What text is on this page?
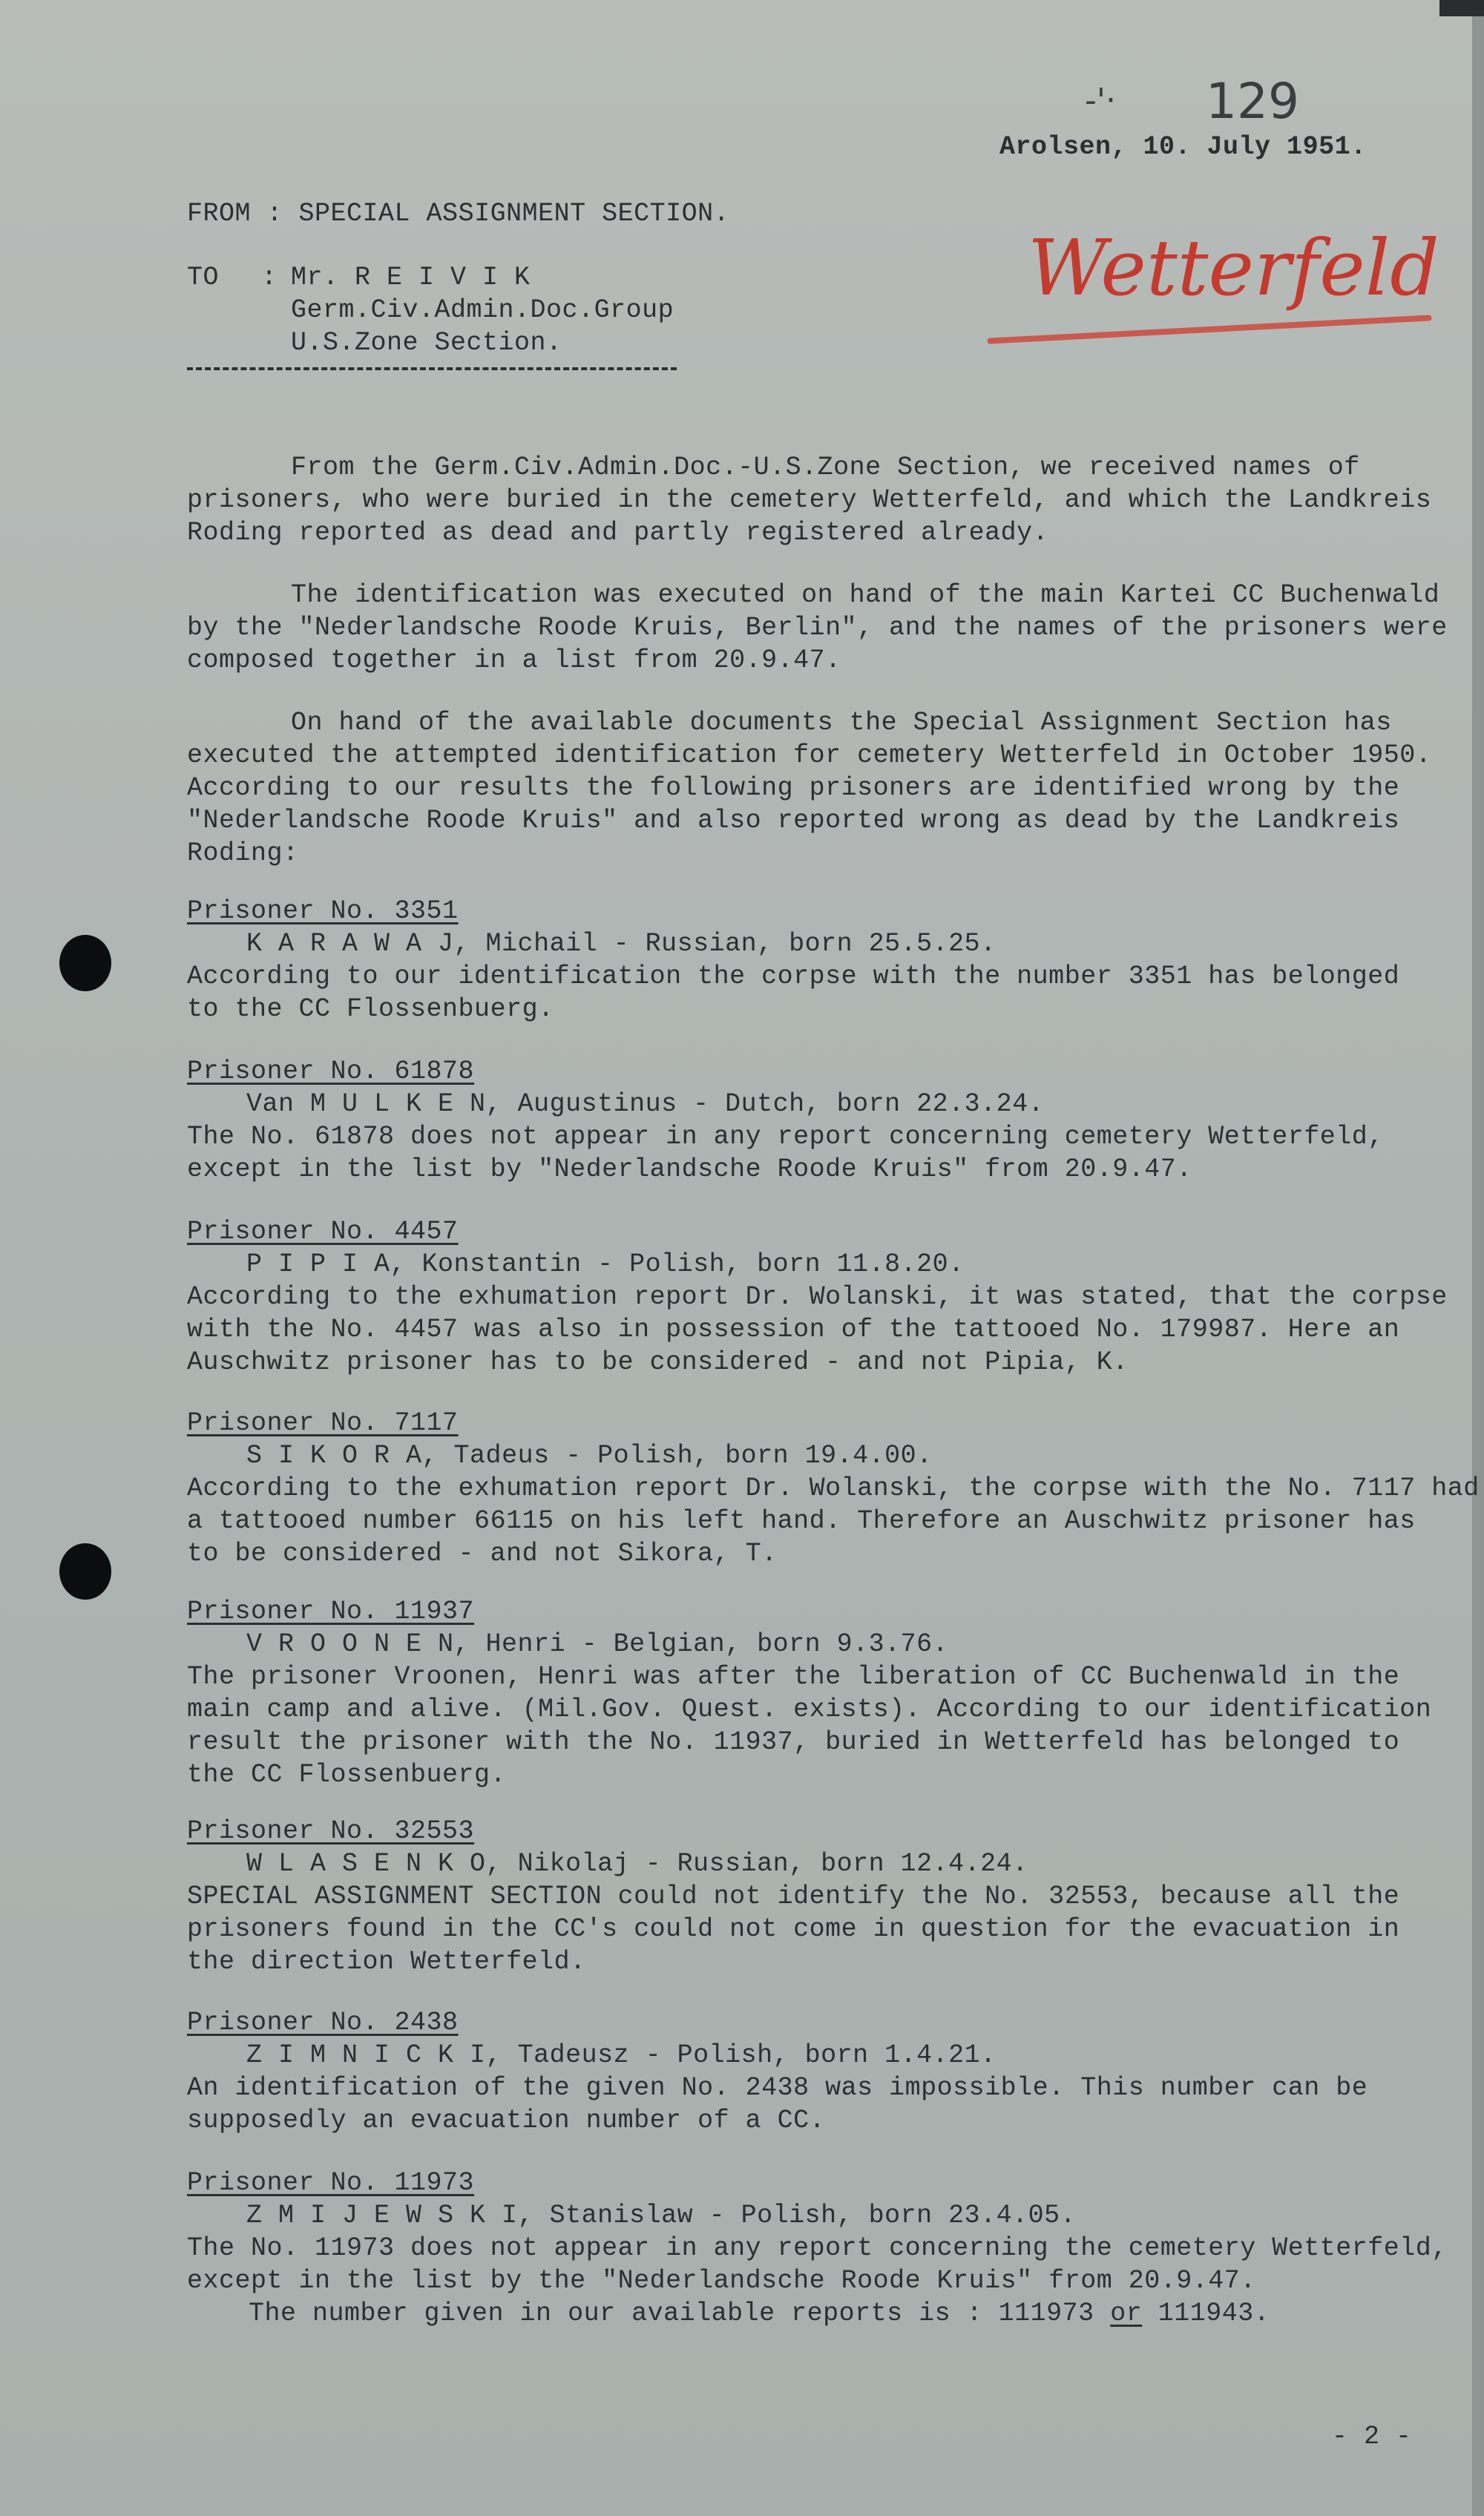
-'· 129
Arolsen, 10. July 1951.
Wetterfeld
FROM : SPECIAL ASSIGNMENT SECTION.
TO : Mr. R E I V I K
Germ.Civ.Admin.Doc.Group
U.S.Zone Section.
From the Germ.Civ.Admin.Doc.-U.S.Zone Section, we received names of
prisoners, who were buried in the cemetery Wetterfeld, and which the Landkreis
Roding reported as dead and partly registered already.
The identification was executed on hand of the main Kartei CC Buchenwald
by the "Nederlandsche Roode Kruis, Berlin", and the names of the prisoners were
composed together in a list from 20.9.47.
On hand of the available documents the Special Assignment Section has
executed the attempted identification for cemetery Wetterfeld in October 1950.
According to our results the following prisoners are identified wrong by the
"Nederlandsche Roode Kruis" and also reported wrong as dead by the Landkreis
Roding:
Prisoner No. 3351
K A R A W A J, Michail - Russian, born 25.5.25.
According to our identification the corpse with the number 3351 has belonged
to the CC Flossenbuerg.
Prisoner No. 61878
Van M U L K E N, Augustinus - Dutch, born 22.3.24.
The No. 61878 does not appear in any report concerning cemetery Wetterfeld,
except in the list by "Nederlandsche Roode Kruis" from 20.9.47.
Prisoner No. 4457
P I P I A, Konstantin - Polish, born 11.8.20.
According to the exhumation report Dr. Wolanski, it was stated, that the corpse
with the No. 4457 was also in possession of the tattooed No. 179987. Here an
Auschwitz prisoner has to be considered - and not Pipia, K.
Prisoner No. 7117
S I K O R A, Tadeus - Polish, born 19.4.00.
According to the exhumation report Dr. Wolanski, the corpse with the No. 7117 had
a tattooed number 66115 on his left hand. Therefore an Auschwitz prisoner has
to be considered - and not Sikora, T.
Prisoner No. 11937
V R O O N E N, Henri - Belgian, born 9.3.76.
The prisoner Vroonen, Henri was after the liberation of CC Buchenwald in the
main camp and alive. (Mil.Gov. Quest. exists). According to our identification
result the prisoner with the No. 11937, buried in Wetterfeld has belonged to
the CC Flossenbuerg.
Prisoner No. 32553
W L A S E N K O, Nikolaj - Russian, born 12.4.24.
SPECIAL ASSIGNMENT SECTION could not identify the No. 32553, because all the
prisoners found in the CC's could not come in question for the evacuation in
the direction Wetterfeld.
Prisoner No. 2438
Z I M N I C K I, Tadeusz - Polish, born 1.4.21.
An identification of the given No. 2438 was impossible. This number can be
supposedly an evacuation number of a CC.
Prisoner No. 11973
Z M I J E W S K I, Stanislaw - Polish, born 23.4.05.
The No. 11973 does not appear in any report concerning the cemetery Wetterfeld,
except in the list by the "Nederlandsche Roode Kruis" from 20.9.47.
The number given in our available reports is : 111973 or 111943.
- 2 -
